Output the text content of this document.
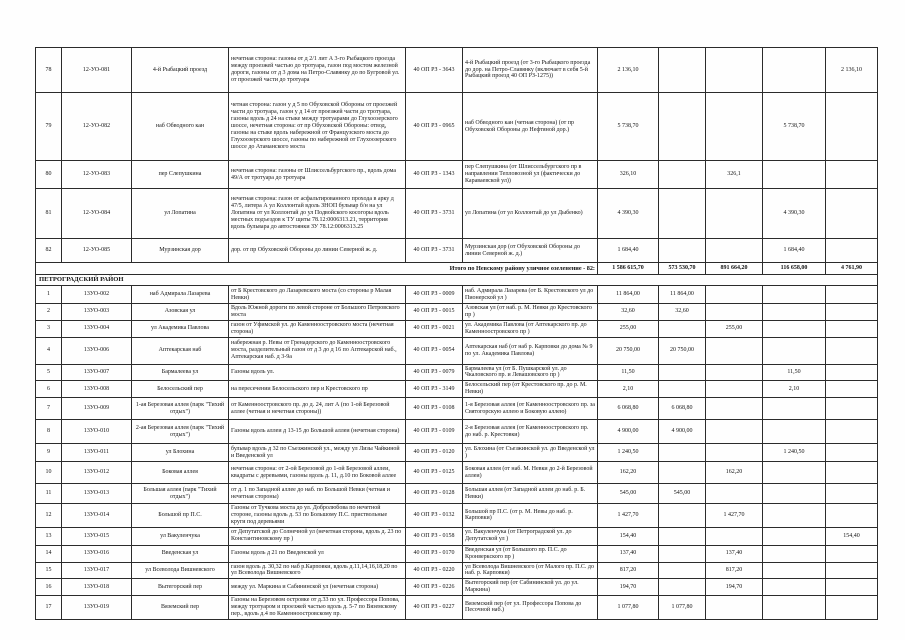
78	12-УО-081	4-й Рыбацкий проезд	нечетная сторона: газоны от д 2/1 лит А 3-го Рыбацкого проезда между проезжей частью до тротуара, газон под мостом железной дороги, газоны от д 3 дома на Петро-Славянку до по Бугровой ул. от проезжей части до тротуара	40 ОП РЗ - 3643	4-й Рыбацкий проезд (от 3-го Рыбацкого проезда до дор. на Петро-Славянку (включает в себя 5-й Рыбацкий проезд 40 ОП РЗ-1275))	2 136,10				2 136,10
79	12-УО-082	наб Обводного кан	четная сторона: газон у д 5 по Обуховской Обороны от проезжей части до тротуара, газон у д 14 от проезжей части до тротуара, газоны вдоль д 24 на стыке между тротуарами до Глухоозерского шоссе, нечетная сторона: от пр Обуховской Обороны: отвод, газоны на стыке вдоль набережной от Французского моста до Глухоозерского шоссе, газоны по набережной от Глухоозерского шоссе до Атаманского моста	40 ОП РЗ - 0965	наб Обводного кан (четная сторона) (от пр Обуховской Обороны до Нефтяной дор.)	5 738,70			5 738,70	
80	12-УО-083	пер Слепушкина	нечетная сторона: газоны от Шлиссельбургского пр., вдоль дома 49/А от тротуара до тротуара	40 ОП РЗ - 1343	пер Слепушкина (от Шлиссельбургского пр в направлении Тепловозной ул (фактически до Караваевской ул))	326,10		326,1		
81	12-УО-084	ул Лопатина	нечетная сторона: газон от асфальтированного прохода в арку д 47/5, литера А ул Коллонтай вдоль ЗНОП бульвар б/н на ул Лопатина от ул Коллонтай до ул Подвойского косогоры вдоль местных подъездов к ТУ щиты 78.12:0006313.21, территория вдоль бульвара до автостоянки ЗУ 78.12:0006313.25	40 ОП РЗ - 3731	ул Лопатина (от ул Коллонтай до ул Дыбенко)	4 390,30			4 390,30	
82	12-УО-085	Мурзинская дор	дор. от пр Обуховской Обороны до линии Северной ж. д.	40 ОП РЗ - 3731	Мурзинская дор (от Обуховской Обороны до линии Северной ж. д.)	1 684,40			1 684,40	
Итого по Невскому району уличное озеленение - 82:						1 586 615,70	573 530,70	891 664,20	116 658,00	4 761,90
ПЕТРОГРАДСКИЙ РАЙОН										
1	13УО-002	наб Адмирала Лазарева	от Б Крестовского до Лазаревского моста (со стороны р Малая Невки)	40 ОП РЗ - 0009	наб. Адмирала Лазарева (от Б. Крестовского ул до Пионерской ул )	11 864,00	11 864,00			
2	13УО-003	Азовская ул	Вдоль Южной дороги по левой стороне от Большого Петровского моста	40 ОП РЗ - 0015	Азовская ул (от наб. р. М. Невки до Крестовского пр )	32,60	32,60			
3	13УО-004	ул Академика Павлова	газон от Уфимской ул. до Каменноостровского моста (нечетная сторона)	40 ОП РЗ - 0021	ул. Академика Павлова (от Аптекарского пр. до Каменноостровского пр )	255,00		255,00		
4	13УО-006	Аптекарская наб	набережная р. Невы от Гренадерского до Каменноостровского моста, разделительный газон от д 3 до д 16 по Аптекарской наб., Аптекарская наб. д 3-9а	40 ОП РЗ - 0054	Аптекарская наб (от наб р. Карповки до дома № 9 по ул. Академика Павлова)	20 750,00	20 750,00			
5	13УО-007	Бармалеева ул	Газоны вдоль ул.	40 ОП РЗ - 0079	Бармалеева ул (от Б. Пушкарской ул. до Чкаловского пр. и Левашовского пр )	11,50			11,50	
6	13УО-008	Белосельский пер	на пересечении Белосельского пер и Крестовского пр	40 ОП РЗ - 3149	Белосельский пер (от Крестовского пр. до р. М. Невки)	2,10			2,10	
7	13УО-009	1-ая Березовая аллея (парк "Тихий отдых")	от Каменноостровского пр. до д. 24, лит А (по 1-ой Березовой аллее (четная и нечетная стороны))	40 ОП РЗ - 0108	1-я Березовая аллея (от Каменноостровского пр. за Святогорскую аллею и Боковую аллею)	6 068,80	6 068,80			
8	13УО-010	2-ая Березовая аллея (парк "Тихий отдых")	Газоны вдоль аллеи д 13-15 до Большой аллеи (нечетная сторона)	40 ОП РЗ - 0109	2-я Березовая аллея (от Каменноостровского пр. до наб. р. Крестовки)	4 900,00	4 900,00			
9	13УО-011	ул Блохина	бульвар вдоль д 32 по Съезжинской ул., между ул Лизы Чайкиной и Введенской ул	40 ОП РЗ - 0120	ул. Блохина (от Съезжинской ул. до Введенской ул )	1 240,50			1 240,50	
10	13УО-012	Боковая аллея	нечетная сторона: от 2-ой Березовой до 1-ой Березовой аллеи, квадраты с деревьями, газоны вдоль д. 11, д.10 по Боковой аллее	40 ОП РЗ - 0125	Боковая аллея (от наб. М. Невки до 2-й Березовой аллеи)	162,20		162,20		
11	13УО-013	Большая аллея (парк "Тихий отдых")	от д. 1 по Западной аллее до наб. по Большой Невки (четная и нечетная стороны)	40 ОП РЗ - 0128	Большая аллея (от Западной аллеи до наб. р. Б. Невки)	545,00	545,00			
12	13УО-014	Большой пр П.С.	Газоны от Тучкова моста до ул. Добролюбова по нечетной стороне, газоны вдоль д. 53 по Большому П.С. приствольные круги под деревьями	40 ОП РЗ - 0132	Большой пр П.С. (от р. М. Невы до наб. р. Карповки)	1 427,70		1 427,70		
13	13УО-015	ул Вакуленчука	от Депутатской до Солнечной ул (нечетная сторона, вдоль д. 23 по Константиновскому пр )	40 ОП РЗ - 0158	ул. Вакуленчука (от Петроградской ул. до Депутатской ул )	154,40				154,40
14	13УО-016	Введенская ул	Газоны вдоль д 21 по Введенской ул	40 ОП РЗ - 0170	Введенская ул (от Большого пр. П.С. до Кронверкского пр )	137,40		137,40		
15	13УО-017	ул Всеволода Вишневского	газон вдоль д. 30,32 по наб р.Карповки, вдоль д.11,14,16,18,20 по ул Всеволода Вишневского	40 ОП РЗ - 0220	ул Всеволода Вишневского (от Малого пр. П.С. до наб. р. Карповки)	817,20		817,20		
16	13УО-018	Вытегорский пер	между ул. Маркина и Сабининской ул (нечетная сторона)	40 ОП РЗ - 0226	Вытегорский пер (от Сабининской ул. до ул. Маркина)	194,70		194,70		
17	13УО-019	Вяземский пер	Газоны на Березовом островке от д.33 по ул. Профессора Попова, между тротуаром и проезжей частью вдоль д. 5-7 по Вяземскому пер., вдоль д.4 по Каменноостровскому пр.	40 ОП РЗ - 0227	Вяземский пер (от ул. Профессора Попова до Песочной наб.)	1 077,80	1 077,80			
